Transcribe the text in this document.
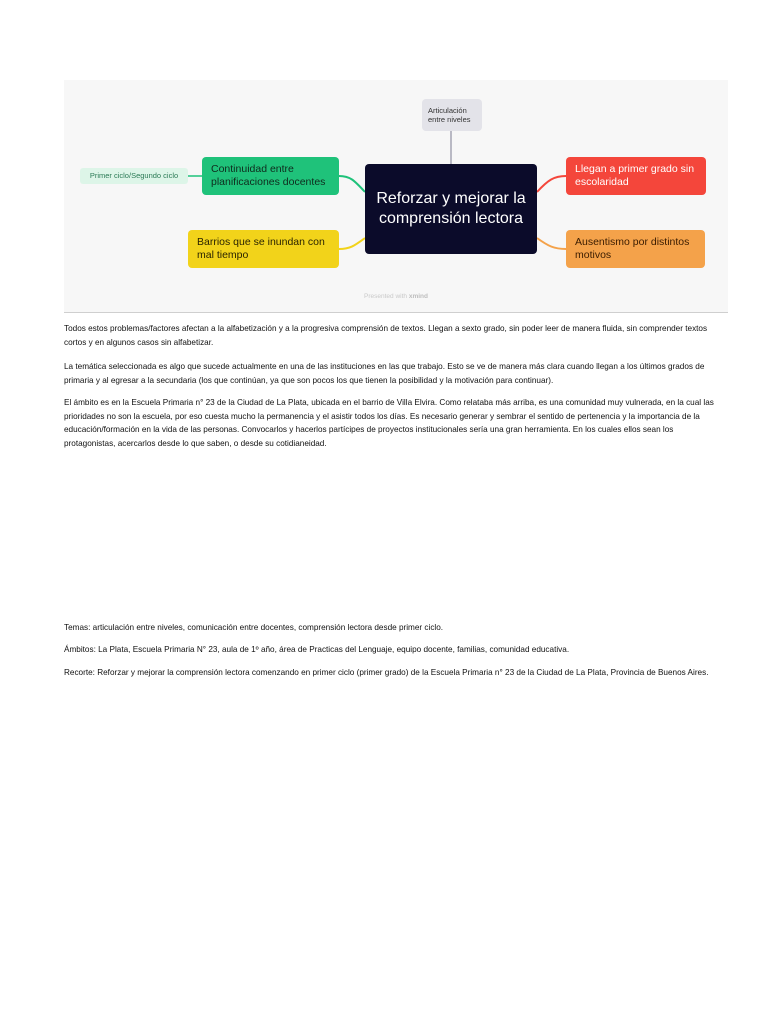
Articulación entre niveles
Primer ciclo/Segundo ciclo
Continuidad entre planificaciones docentes
Barrios que se inundan con mal tiempo
Reforzar y mejorar la comprensión lectora
Llegan a primer grado sin escolaridad
Ausentismo por distintos motivos
Presented with xmind

Todos estos problemas/factores afectan a la alfabetización y a la progresiva comprensión de textos. Llegan a sexto grado, sin poder leer de manera fluida, sin comprender textos cortos y en algunos casos sin alfabetizar.

La temática seleccionada es algo que sucede actualmente en una de las instituciones en las que trabajo. Esto se ve de manera más clara cuando llegan a los últimos grados de primaria y al egresar a la secundaria (los que continúan, ya que son pocos los que tienen la posibilidad y la motivación para continuar).

El ámbito es en la Escuela Primaria n° 23 de la Ciudad de La Plata, ubicada en el barrio de Villa Elvira. Como relataba más arriba, es una comunidad muy vulnerada, en la cual las prioridades no son la escuela, por eso cuesta mucho la permanencia y el asistir todos los días. Es necesario generar y sembrar el sentido de pertenencia y la importancia de la educación/formación en la vida de las personas. Convocarlos y hacerlos partícipes de proyectos institucionales sería una gran herramienta. En los cuales ellos sean los protagonistas, acercarlos desde lo que saben, o desde su cotidianeidad.

Temas: articulación entre niveles, comunicación entre docentes, comprensión lectora desde primer ciclo.

Ámbitos: La Plata, Escuela Primaria N° 23, aula de 1º año, área de Practicas del Lenguaje, equipo docente, familias, comunidad educativa.

Recorte: Reforzar y mejorar la comprensión lectora comenzando en primer ciclo (primer grado) de la Escuela Primaria n° 23 de la Ciudad de La Plata, Provincia de Buenos Aires.
